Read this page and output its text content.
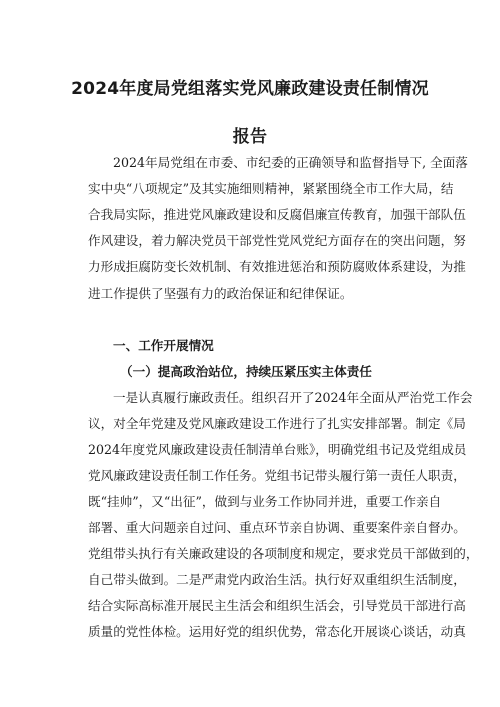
2024年度局党组落实党风廉政建设责任制情况
报告
2024年局党组在市委、市纪委的正确领导和监督指导下, 全面落
实中央“八项规定”及其实施细则精神，紧紧围绕全市工作大局，结
合我局实际，推进党风廉政建设和反腐倡廉宣传教育，加强干部队伍
作风建设，着力解决党员干部党性党风党纪方面存在的突出问题，努
力形成拒腐防变长效机制、有效推进惩治和预防腐败体系建设，为推
进工作提供了坚强有力的政治保证和纪律保证。
一、工作开展情况
（一）提高政治站位，持续压紧压实主体责任
一是认真履行廉政责任。组织召开了2024年全面从严治党工作会
议，对全年党建及党风廉政建设工作进行了扎实安排部署。制定《局
2024年度党风廉政建设责任制清单台账》，明确党组书记及党组成员
党风廉政建设责任制工作任务。党组书记带头履行第一责任人职责，
既“挂帅”，又“出征”，做到与业务工作协同并进，重要工作亲自
部署、重大问题亲自过问、重点环节亲自协调、重要案件亲自督办。
党组带头执行有关廉政建设的各项制度和规定，要求党员干部做到的，
自己带头做到。二是严肃党内政治生活。执行好双重组织生活制度，
结合实际高标准开展民主生活会和组织生活会，引导党员干部进行高
质量的党性体检。运用好党的组织优势，常态化开展谈心谈话，动真
